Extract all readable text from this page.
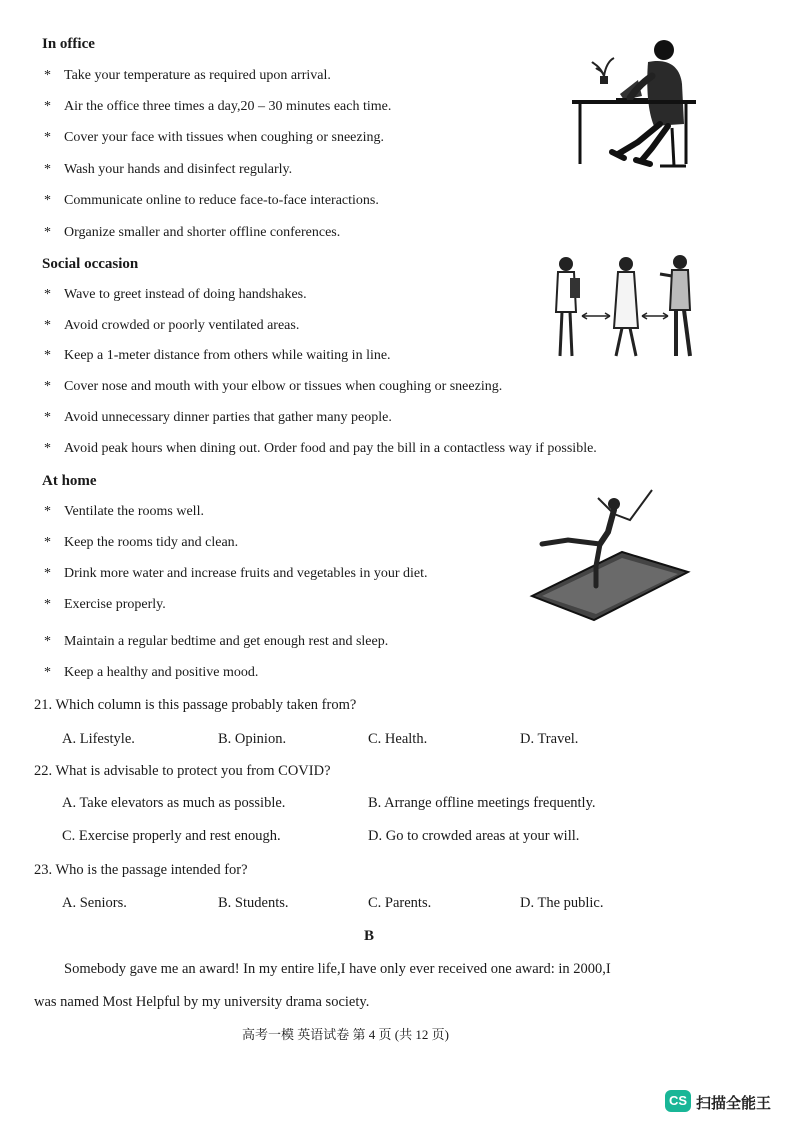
In office
* Take your temperature as required upon arrival.
* Air the office three times a day,20 – 30 minutes each time.
* Cover your face with tissues when coughing or sneezing.
* Wash your hands and disinfect regularly.
* Communicate online to reduce face-to-face interactions.
* Organize smaller and shorter offline conferences.
Social occasion
* Wave to greet instead of doing handshakes.
* Avoid crowded or poorly ventilated areas.
* Keep a 1-meter distance from others while waiting in line.
* Cover nose and mouth with your elbow or tissues when coughing or sneezing.
* Avoid unnecessary dinner parties that gather many people.
* Avoid peak hours when dining out. Order food and pay the bill in a contactless way if possible.
At home
* Ventilate the rooms well.
* Keep the rooms tidy and clean.
* Drink more water and increase fruits and vegetables in your diet.
* Exercise properly.
* Maintain a regular bedtime and get enough rest and sleep.
* Keep a healthy and positive mood.
21. Which column is this passage probably taken from?
A. Lifestyle.	B. Opinion.	C. Health.	D. Travel.
22. What is advisable to protect you from COVID?
A. Take elevators as much as possible.	B. Arrange offline meetings frequently.
C. Exercise properly and rest enough.	D. Go to crowded areas at your will.
23. Who is the passage intended for?
A. Seniors.	B. Students.	C. Parents.	D. The public.
B
Somebody gave me an award! In my entire life,I have only ever received one award: in 2000,I
was named Most Helpful by my university drama society.
高考一模 英语试卷 第 4 页 (共 12 页)
CS 扫描全能王
